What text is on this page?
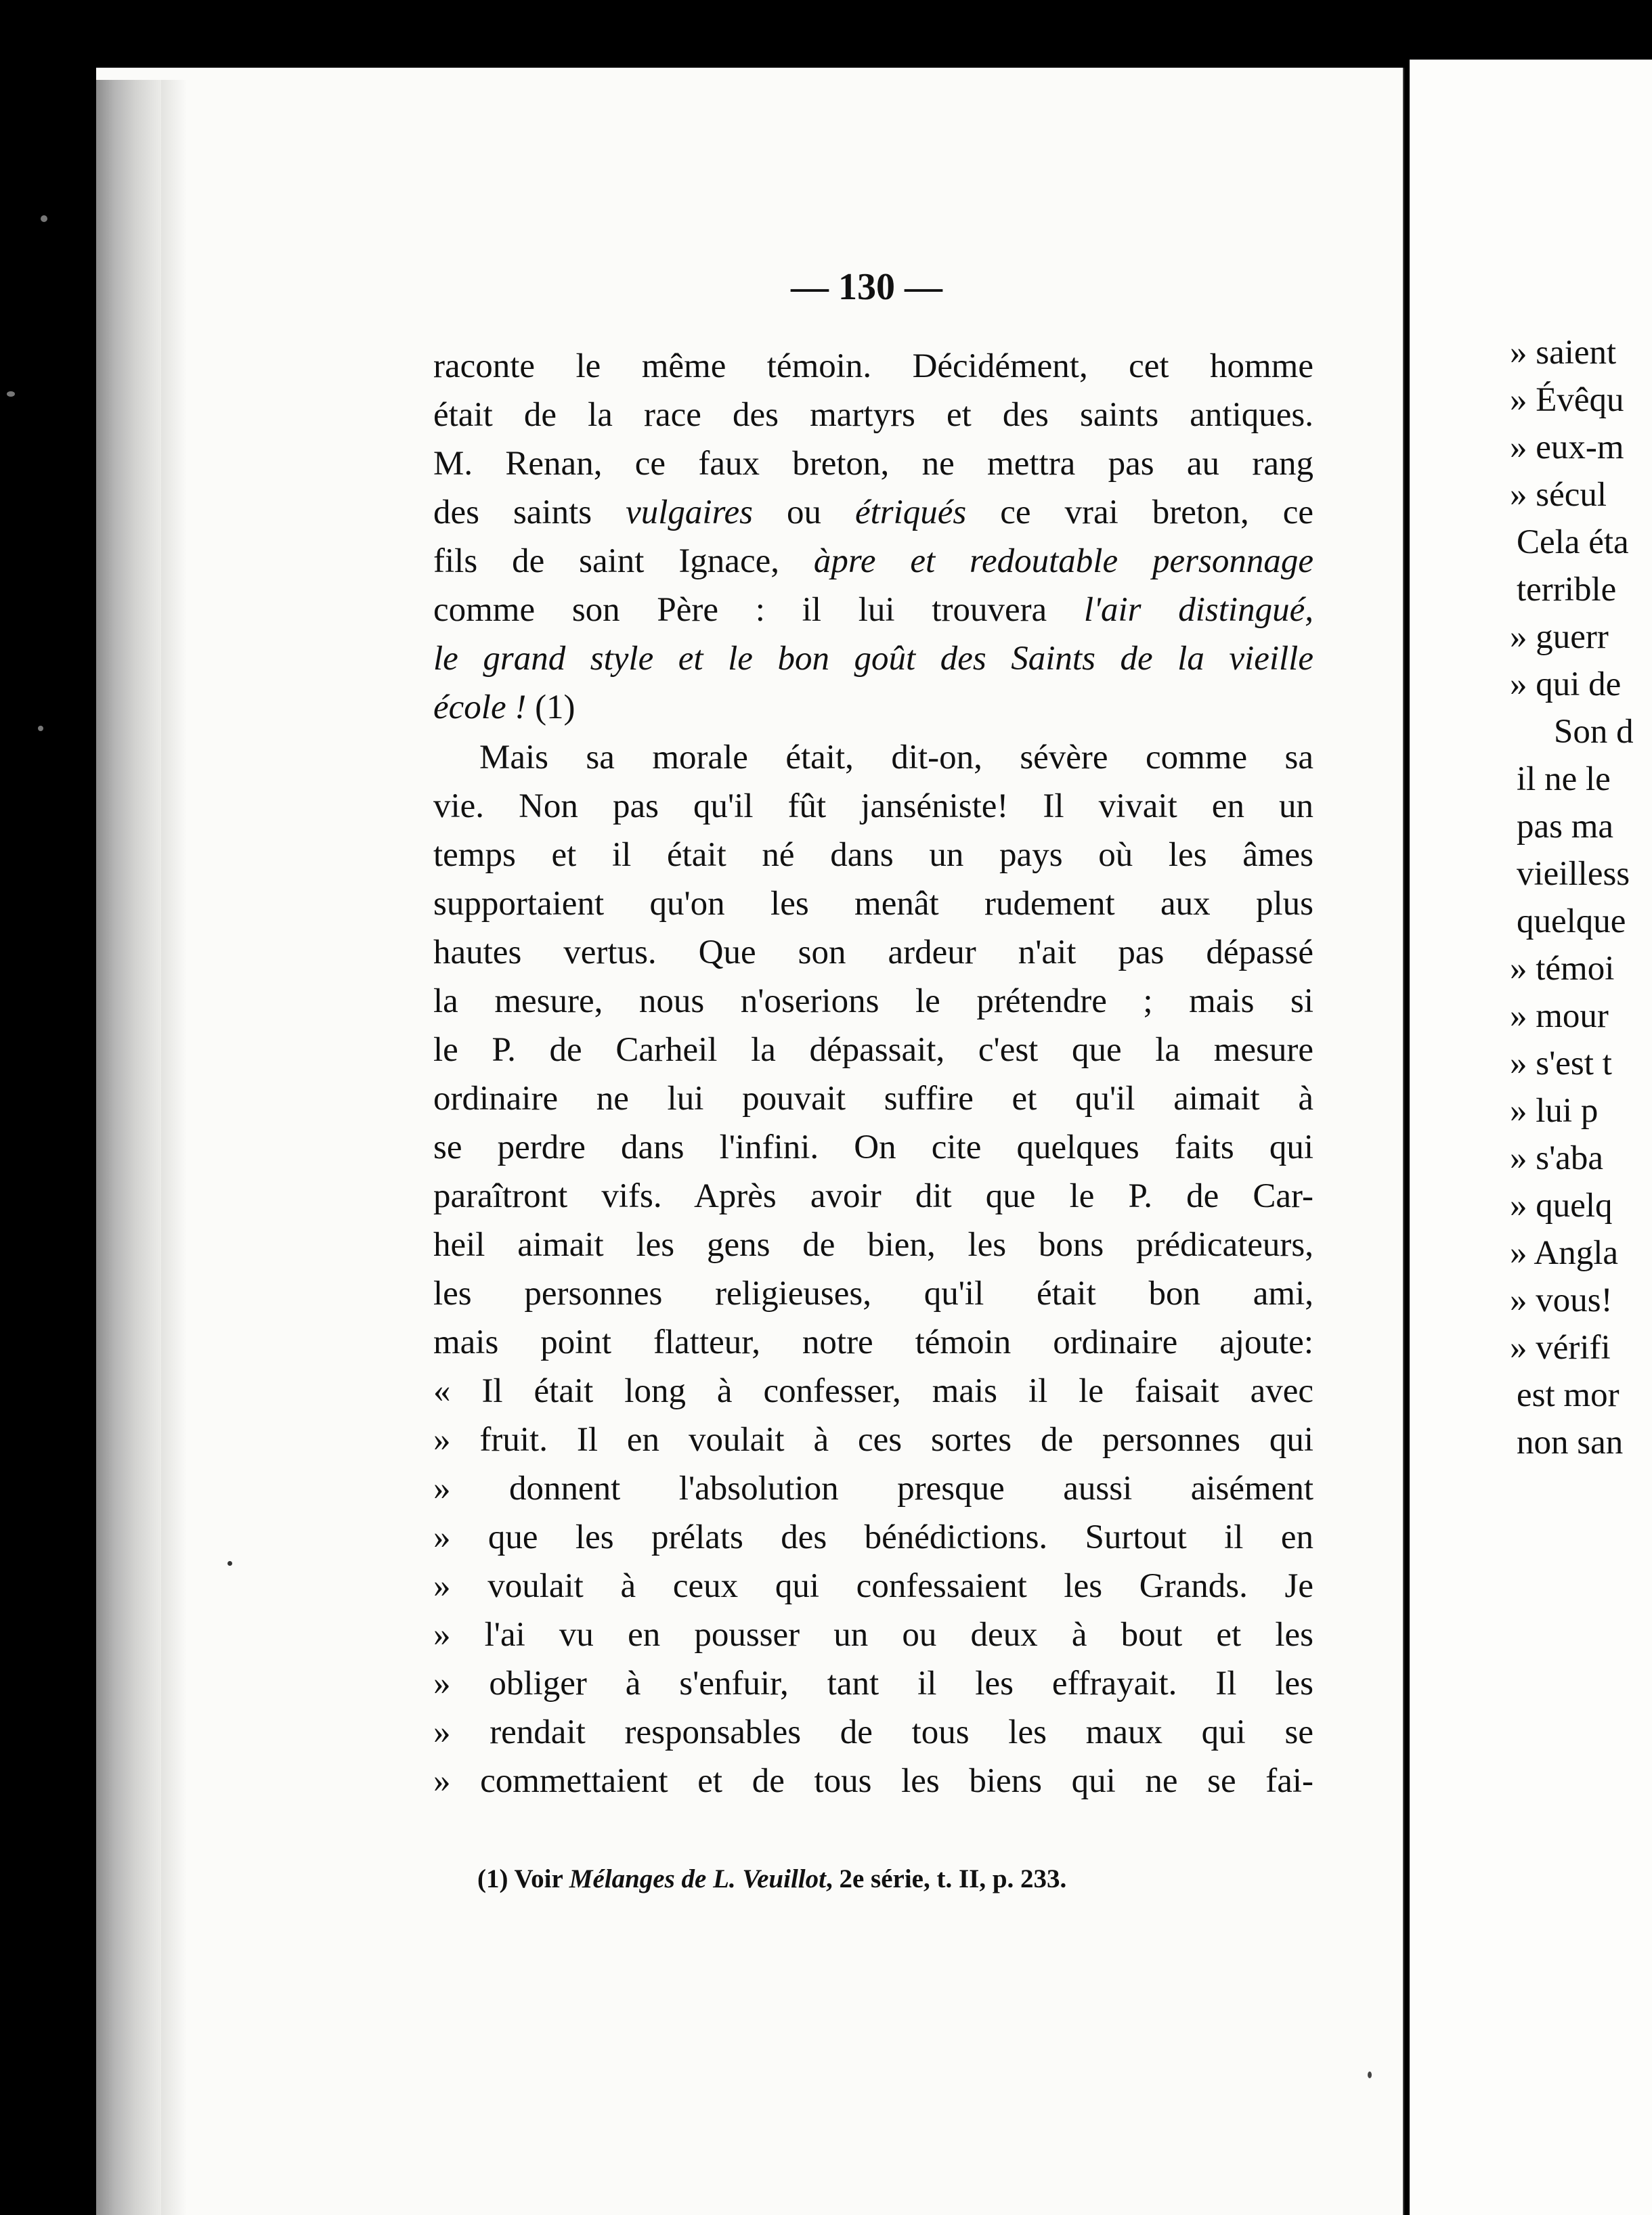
— 130 —
raconte le même témoin. Décidément, cet homme
était de la race des martyrs et des saints antiques.
M. Renan, ce faux breton, ne mettra pas au rang
des saints vulgaires ou étriqués ce vrai breton, ce
fils de saint Ignace, àpre et redoutable personnage
comme son Père : il lui trouvera l'air distingué,
le grand style et le bon goût des Saints de la vieille
école ! (1)
Mais sa morale était, dit-on, sévère comme sa
vie. Non pas qu'il fût janséniste! Il vivait en un
temps et il était né dans un pays où les âmes
supportaient qu'on les menât rudement aux plus
hautes vertus. Que son ardeur n'ait pas dépassé
la mesure, nous n'oserions le prétendre ; mais si
le P. de Carheil la dépassait, c'est que la mesure
ordinaire ne lui pouvait suffire et qu'il aimait à
se perdre dans l'infini. On cite quelques faits qui
paraîtront vifs. Après avoir dit que le P. de Car-
heil aimait les gens de bien, les bons prédicateurs,
les personnes religieuses, qu'il était bon ami,
mais point flatteur, notre témoin ordinaire ajoute:
« Il était long à confesser, mais il le faisait avec
» fruit. Il en voulait à ces sortes de personnes qui
» donnent l'absolution presque aussi aisément
» que les prélats des bénédictions. Surtout il en
» voulait à ceux qui confessaient les Grands. Je
» l'ai vu en pousser un ou deux à bout et les
» obliger à s'enfuir, tant il les effrayait. Il les
» rendait responsables de tous les maux qui se
» commettaient et de tous les biens qui ne se fai-
(1) Voir Mélanges de L. Veuillot, 2e série, t. II, p. 233.
» saient
» Évêqu
» eux-m
» sécul
Cela éta
terrible
» guerr
» qui de
Son d
il ne le
pas ma
vieilless
quelque
» témoi
» mour
» s'est t
» lui p
» s'aba
» quelq
» Angla
» vous!
» vérifi
est mor
non san
